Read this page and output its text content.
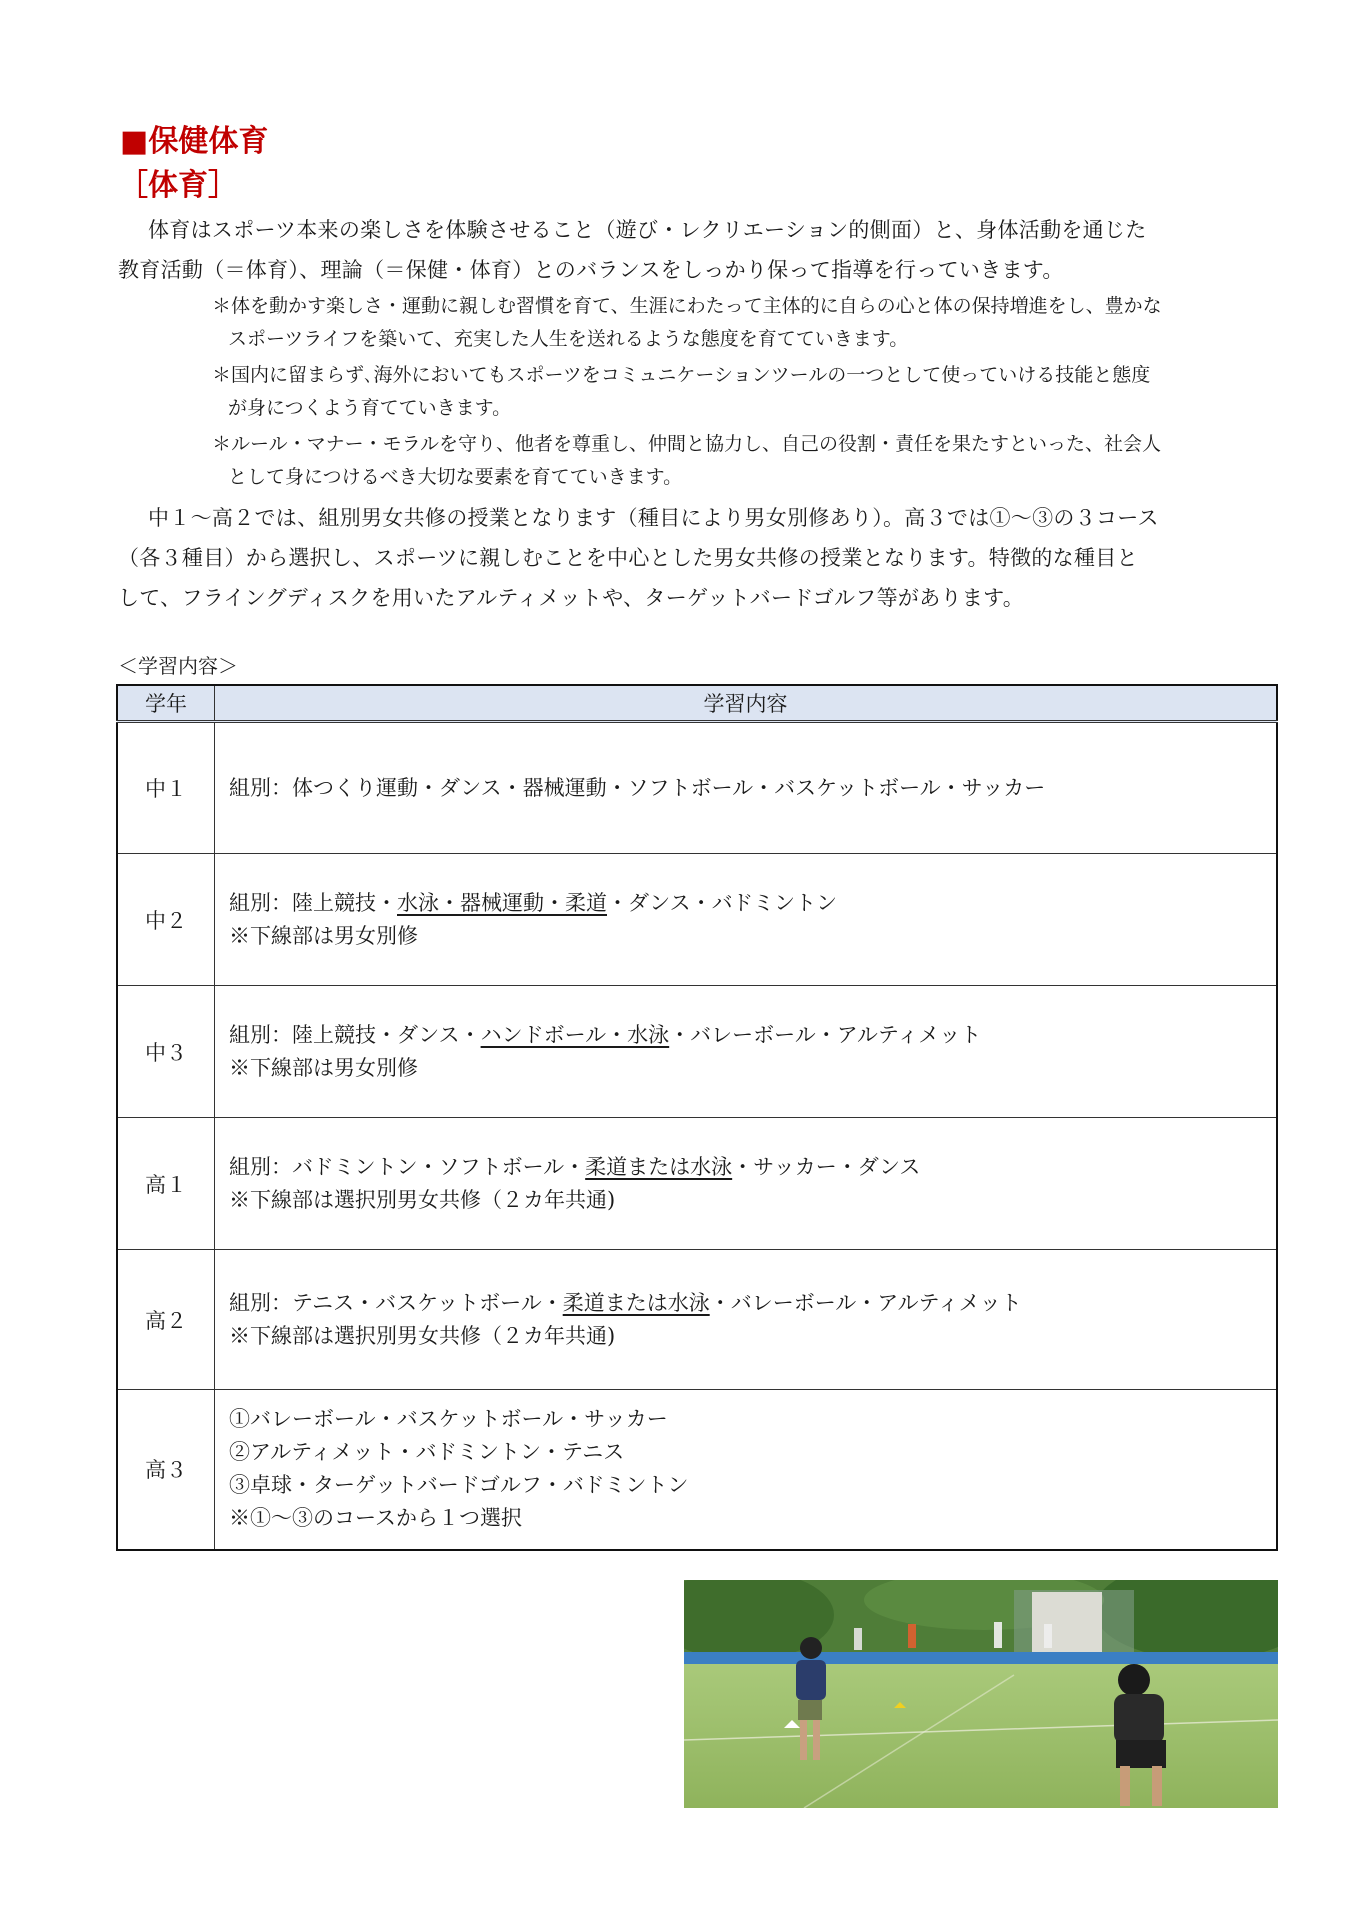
■保健体育
［体育］
体育はスポーツ本来の楽しさを体験させること（遊び・レクリエーション的側面）と、身体活動を通じた
教育活動（＝体育）、理論（＝保健・体育）とのバランスをしっかり保って指導を行っていきます。
＊体を動かす楽しさ・運動に親しむ習慣を育て、生涯にわたって主体的に自らの心と体の保持増進をし、豊かな
スポーツライフを築いて、充実した人生を送れるような態度を育てていきます。
＊国内に留まらず､海外においてもスポーツをコミュニケーションツールの一つとして使っていける技能と態度
が身につくよう育てていきます。
＊ルール・マナー・モラルを守り、他者を尊重し、仲間と協力し、自己の役割・責任を果たすといった、社会人
として身につけるべき大切な要素を育てていきます。
中１〜高２では、組別男女共修の授業となります（種目により男女別修あり）。高３では①〜③の３コース
（各３種目）から選択し、スポーツに親しむことを中心とした男女共修の授業となります。特徴的な種目と
して、フライングディスクを用いたアルティメットや、ターゲットバードゴルフ等があります。
＜学習内容＞
学年	学習内容
中１	組別：体つくり運動・ダンス・器械運動・ソフトボール・バスケットボール・サッカー

中２	組別：陸上競技・水泳・器械運動・柔道・ダンス・バドミントン
※下線部は男女別修

中３	組別：陸上競技・ダンス・ハンドボール・水泳・バレーボール・アルティメット
※下線部は男女別修

高１	組別：バドミントン・ソフトボール・柔道または水泳・サッカー・ダンス
※下線部は選択別男女共修（２カ年共通)

高２	組別：テニス・バスケットボール・柔道または水泳・バレーボール・アルティメット
※下線部は選択別男女共修（２カ年共通)

高３	①バレーボール・バスケットボール・サッカー
②アルティメット・バドミントン・テニス
③卓球・ターゲットバードゴルフ・バドミントン
※①〜③のコースから１つ選択
